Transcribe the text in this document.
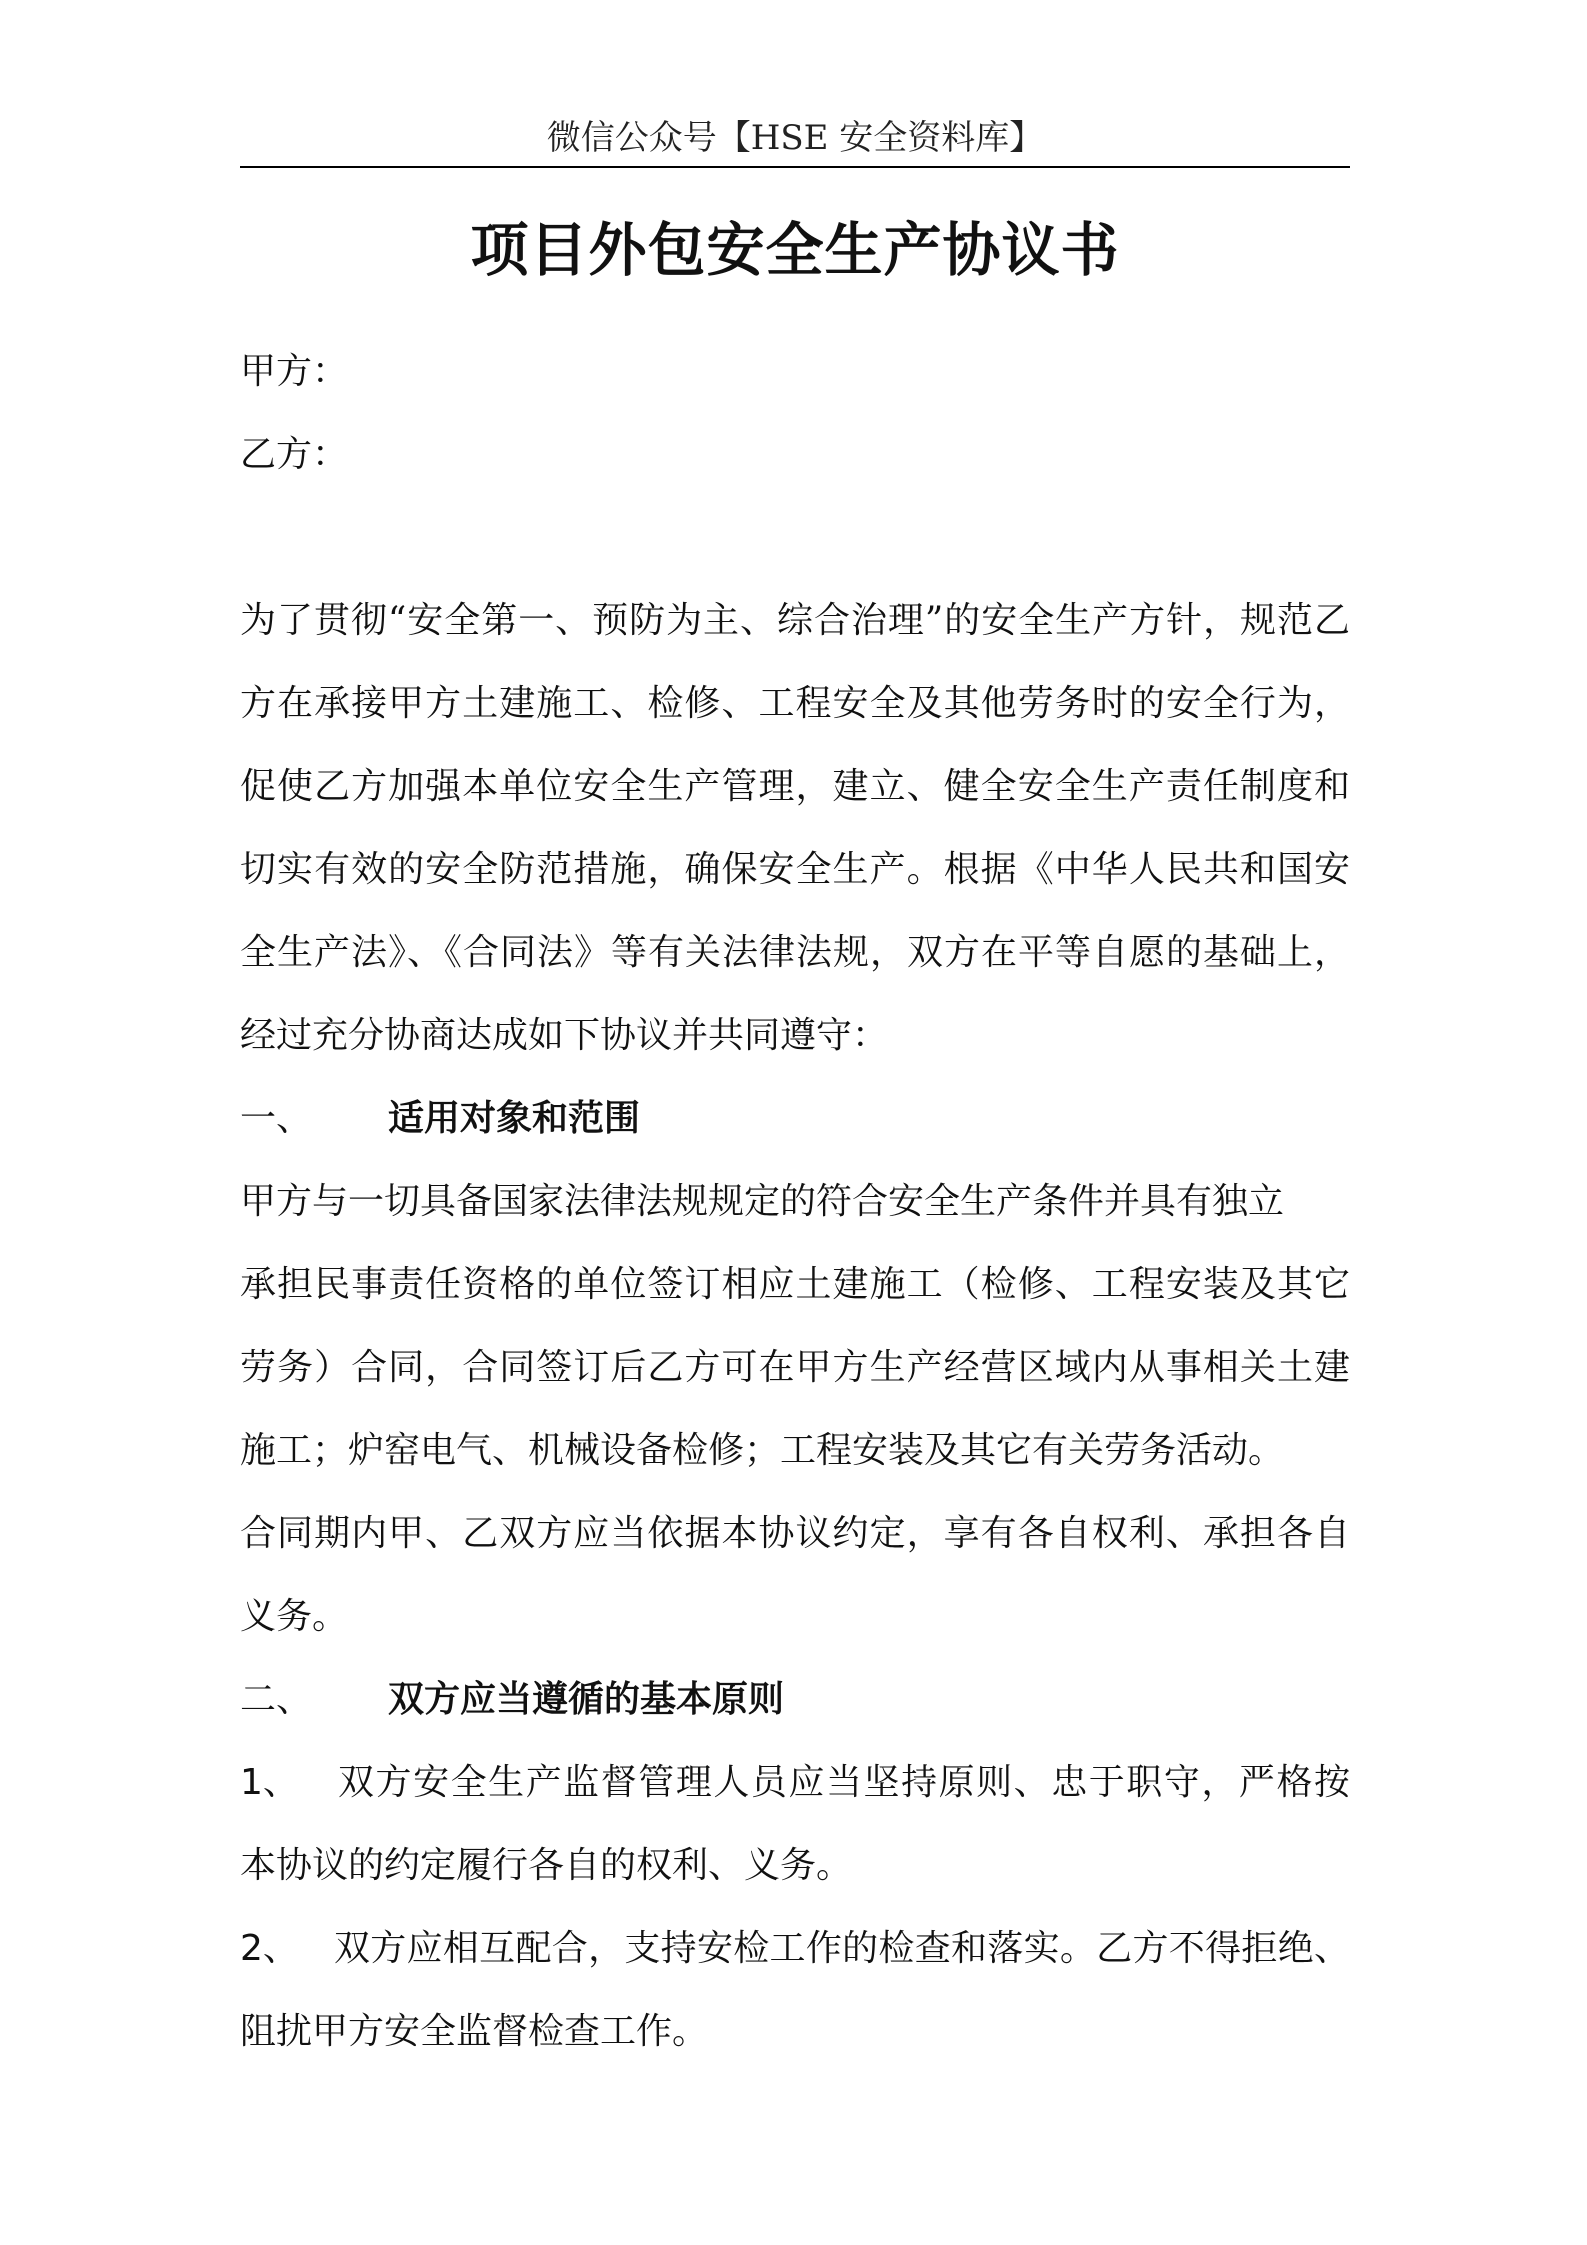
微信公众号【HSE 安全资料库】
项目外包安全生产协议书
甲方：
乙方：
为了贯彻“安全第一、预防为主、综合治理”的安全生产方针，规范乙
方在承接甲方土建施工、检修、工程安全及其他劳务时的安全行为，
促使乙方加强本单位安全生产管理，建立、健全安全生产责任制度和
切实有效的安全防范措施，确保安全生产。根据《中华人民共和国安
全生产法》、《合同法》等有关法律法规，双方在平等自愿的基础上，
经过充分协商达成如下协议并共同遵守：
一、 适用对象和范围
甲方与一切具备国家法律法规规定的符合安全生产条件并具有独立
承担民事责任资格的单位签订相应土建施工（检修、工程安装及其它
劳务）合同，合同签订后乙方可在甲方生产经营区域内从事相关土建
施工；炉窑电气、机械设备检修；工程安装及其它有关劳务活动。
合同期内甲、乙双方应当依据本协议约定，享有各自权利、承担各自
义务。
二、 双方应当遵循的基本原则
1、 双方安全生产监督管理人员应当坚持原则、忠于职守，严格按
本协议的约定履行各自的权利、义务。
2、 双方应相互配合，支持安检工作的检查和落实。乙方不得拒绝、
阻扰甲方安全监督检查工作。
